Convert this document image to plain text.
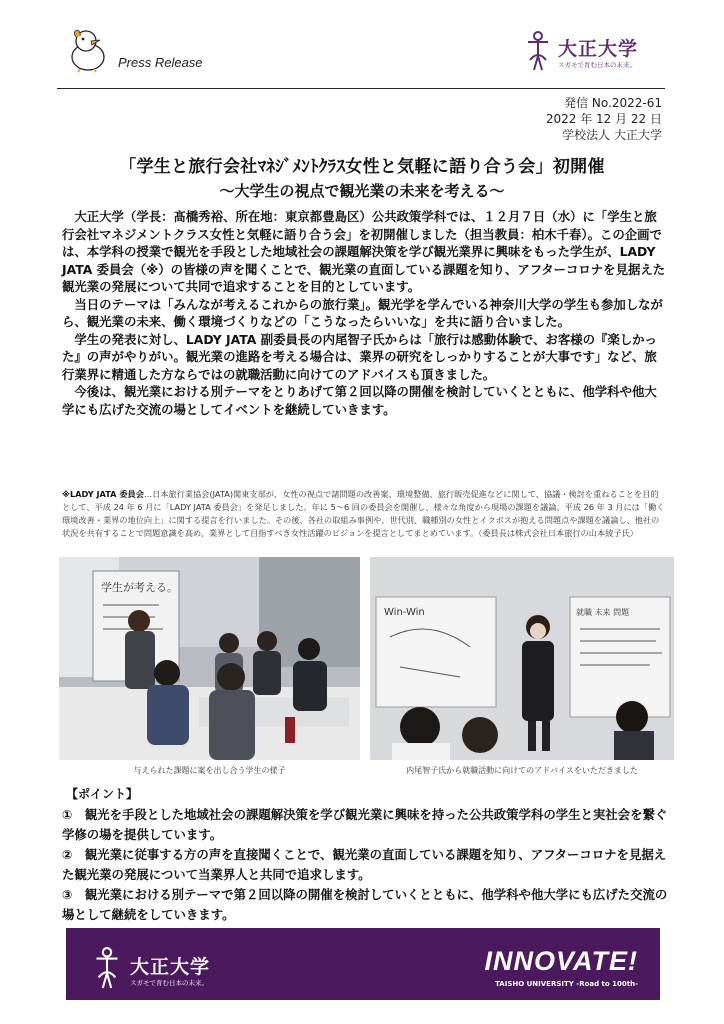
Press Release
大正大学
スガモで育む日本の未来。
発信 No.2022-61
2022 年 12 月 22 日
学校法人 大正大学
「学生と旅行会社ﾏﾈｼﾞﾒﾝﾄｸﾗｽ女性と気軽に語り合う会」初開催
～大学生の視点で観光業の未来を考える～

大正大学（学長：髙橋秀裕、所在地：東京都豊島区）公共政策学科では、１２月７日（水）に「学生と旅行会社マネジメントクラス女性と気軽に語り合う会」を初開催しました（担当教員：柏木千春）。この企画では、本学科の授業で観光を手段とした地域社会の課題解決策を学び観光業界に興味をもった学生が、LADY JATA 委員会（※）の皆様の声を聞くことで、観光業の直面している課題を知り、アフターコロナを見据えた観光業の発展について共同で追求することを目的としています。

当日のテーマは「みんなが考えるこれからの旅行業」。観光学を学んでいる神奈川大学の学生も参加しながら、観光業の未来、働く環境づくりなどの「こうなったらいいな」を共に語り合いました。

学生の発表に対し、LADY JATA 副委員長の内尾智子氏からは「旅行は感動体験で、お客様の『楽しかった』の声がやりがい。観光業の進路を考える場合は、業界の研究をしっかりすることが大事です」など、旅行業界に精通した方ならではの就職活動に向けてのアドバイスも頂きました。

今後は、観光業における別テーマをとりあげて第２回以降の開催を検討していくとともに、他学科や他大学にも広げた交流の場としてイベントを継続していきます。

※LADY JATA 委員会…日本旅行業協会(JATA)関東支部が、女性の視点で諸問題の改善案、環境整備、旅行販売促進などに関して、協議・検討を重ねることを目的として、平成 24 年 6 月に「LADY JATA 委員会」を発足しました。年に 5～6 回の委員会を開催し、様々な角度から現場の課題を議論。平成 26 年 3 月には「働く環境改善・業界の地位向上」に関する提言を行いました。その後、各社の取組み事例や、世代別、職種別の女性とイクボスが抱える問題点や課題を議論し、他社の状況を共有することで問題意識を高め、業界として目指すべき女性活躍のビジョンを提言としてまとめています。（委員長は株式会社日本旅行の山本綾子氏）
学生が考える。
与えられた課題に案を出し合う学生の様子
Win-Win	就職 未来 問題
内尾智子氏から就職活動に向けてのアドバイスをいただきました
【ポイント】

①　観光を手段とした地域社会の課題解決策を学び観光業に興味を持った公共政策学科の学生と実社会を繋ぐ学修の場を提供しています。

②　観光業に従事する方の声を直接聞くことで、観光業の直面している課題を知り、アフターコロナを見据えた観光業の発展について当業界人と共同で追求します。

③　観光業における別テーマで第２回以降の開催を検討していくとともに、他学科や他大学にも広げた交流の場として継続をしていきます。

大正大学
スガモで育む日本の未来。
INNOVATE!
TAISHO UNIVERSITY -Road to 100th-
